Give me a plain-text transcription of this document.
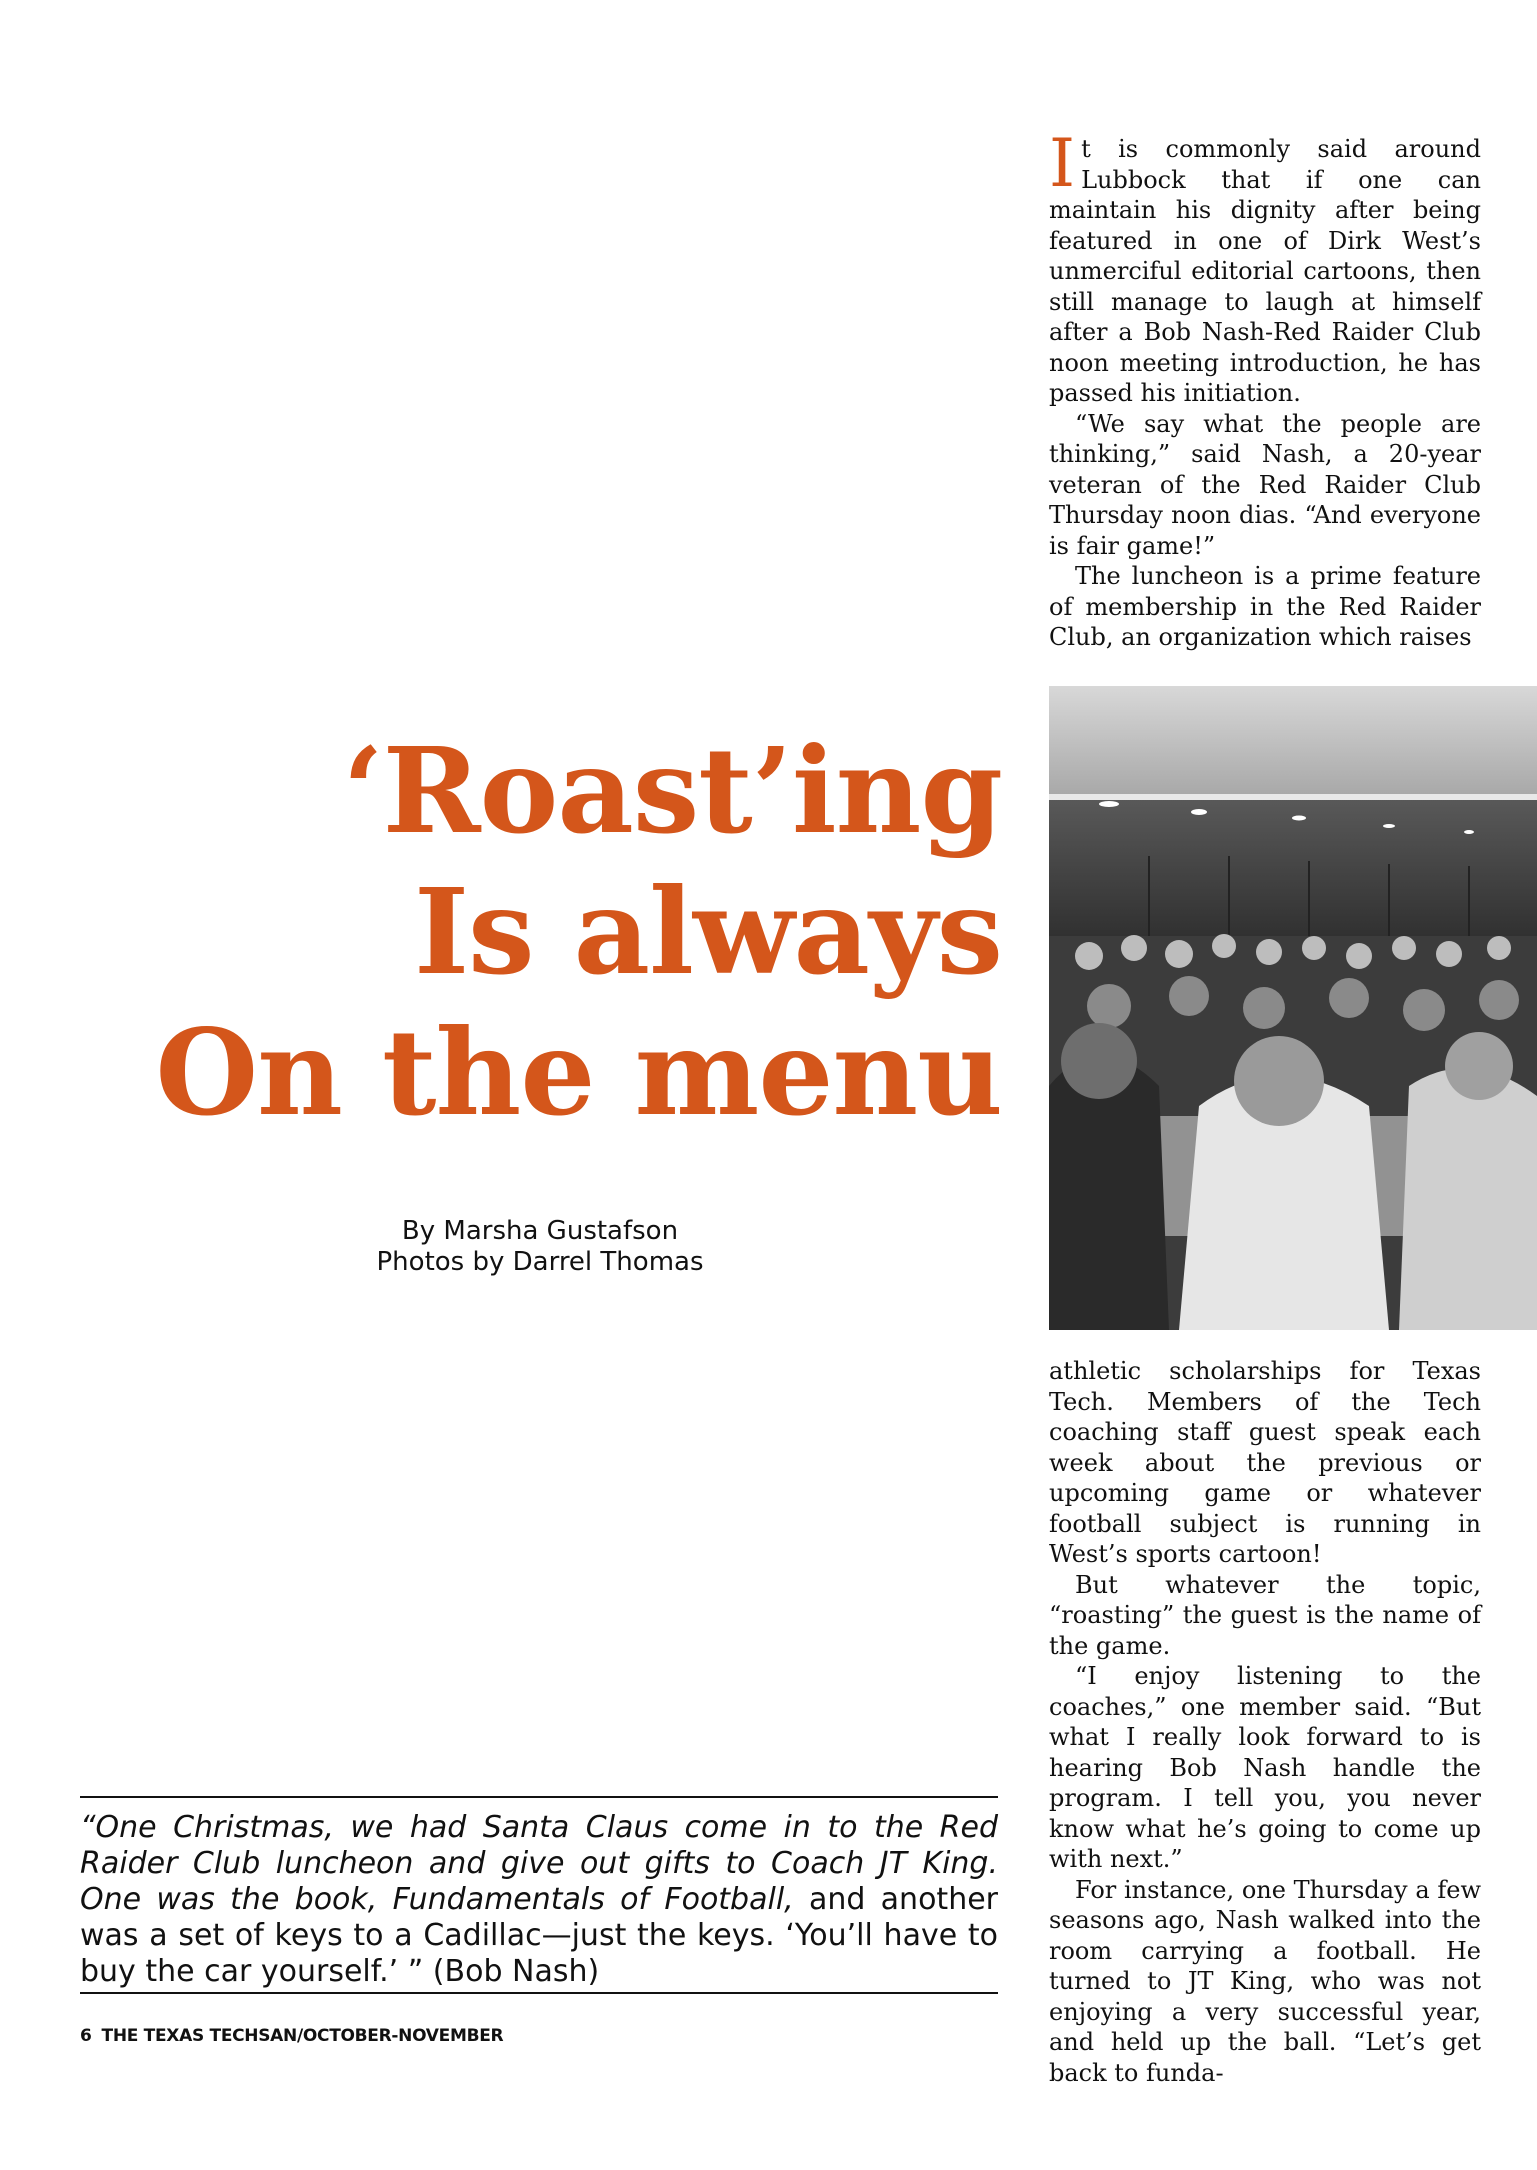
‘Roast’ing
Is always
On the menu
By Marsha Gustafson
Photos by Darrel Thomas

It is commonly said around Lubbock that if one can maintain his dignity after being featured in one of Dirk West’s unmerciful editorial cartoons, then still manage to laugh at himself after a Bob Nash-Red Raider Club noon meeting introduction, he has passed his initiation.

“We say what the people are thinking,” said Nash, a 20-year veteran of the Red Raider Club Thursday noon dias. “And everyone is fair game!”

The luncheon is a prime feature of membership in the Red Raider Club, an organization which raises

athletic scholarships for Texas Tech. Members of the Tech coaching staff guest speak each week about the previous or upcoming game or whatever football subject is running in West’s sports cartoon!

But whatever the topic, “roasting” the guest is the name of the game.

“I enjoy listening to the coaches,” one member said. “But what I really look forward to is hearing Bob Nash handle the program. I tell you, you never know what he’s going to come up with next.”

For instance, one Thursday a few seasons ago, Nash walked into the room carrying a football. He turned to JT King, who was not enjoying a very successful year, and held up the ball. “Let’s get back to funda-

“One Christmas, we had Santa Claus come in to the Red Raider Club luncheon and give out gifts to Coach JT King. One was the book, Fundamentals of Football, and another was a set of keys to a Cadillac—just the keys. ‘You’ll have to buy the car yourself.’ ” (Bob Nash)

6 THE TEXAS TECHSAN/OCTOBER-NOVEMBER
